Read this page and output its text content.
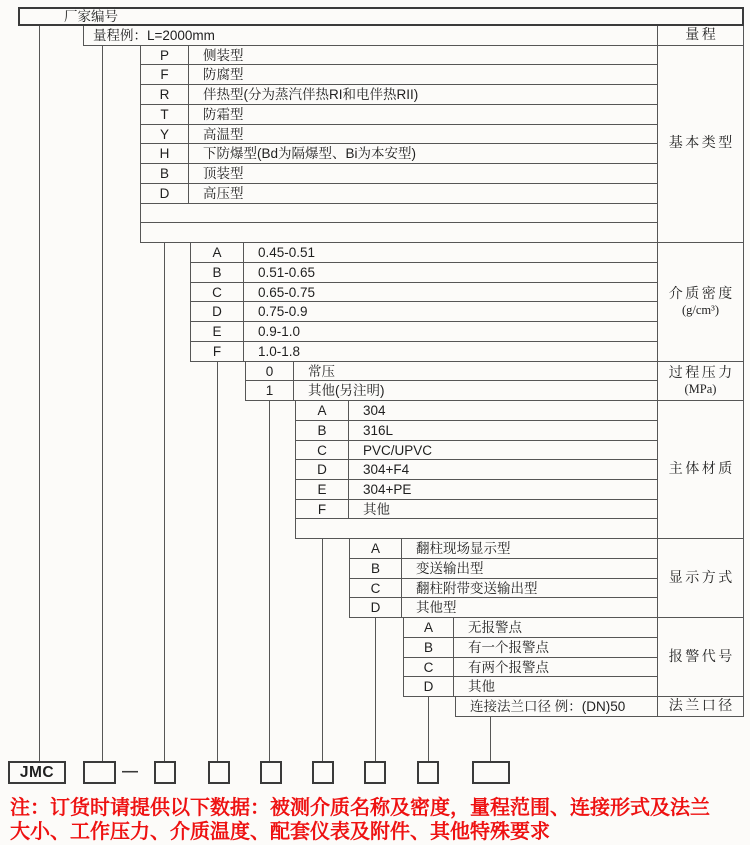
厂家编号
量程例：L=2000mm	量程
注：订货时请提供以下数据：被测介质名称及密度，量程范围、连接形式及法兰
大小、工作压力、介质温度、配套仪表及附件、其他特殊要求
P	侧装型
F	防腐型
R	伴热型(分为蒸汽伴热RI和电伴热RII)
T	防霜型
Y	高温型
H	下防爆型(Bd为隔爆型、Bi为本安型)
B	顶装型
D	高压型
基本类型
A	0.45-0.51
B	0.51-0.65
C	0.65-0.75
D	0.75-0.9
E	0.9-1.0
F	1.0-1.8
介质密度
(g/cm³)
0	常压
1	其他(另注明)
过程压力
(MPa)
A	304
B	316L
C	PVC/UPVC
D	304+F4
E	304+PE
F	其他
主体材质
A	翻柱现场显示型
B	变送输出型
C	翻柱附带变送输出型
D	其他型
显示方式
A	无报警点
B	有一个报警点
C	有两个报警点
D	其他
报警代号
连接法兰口径 例：(DN)50	法兰口径
JMC	—
